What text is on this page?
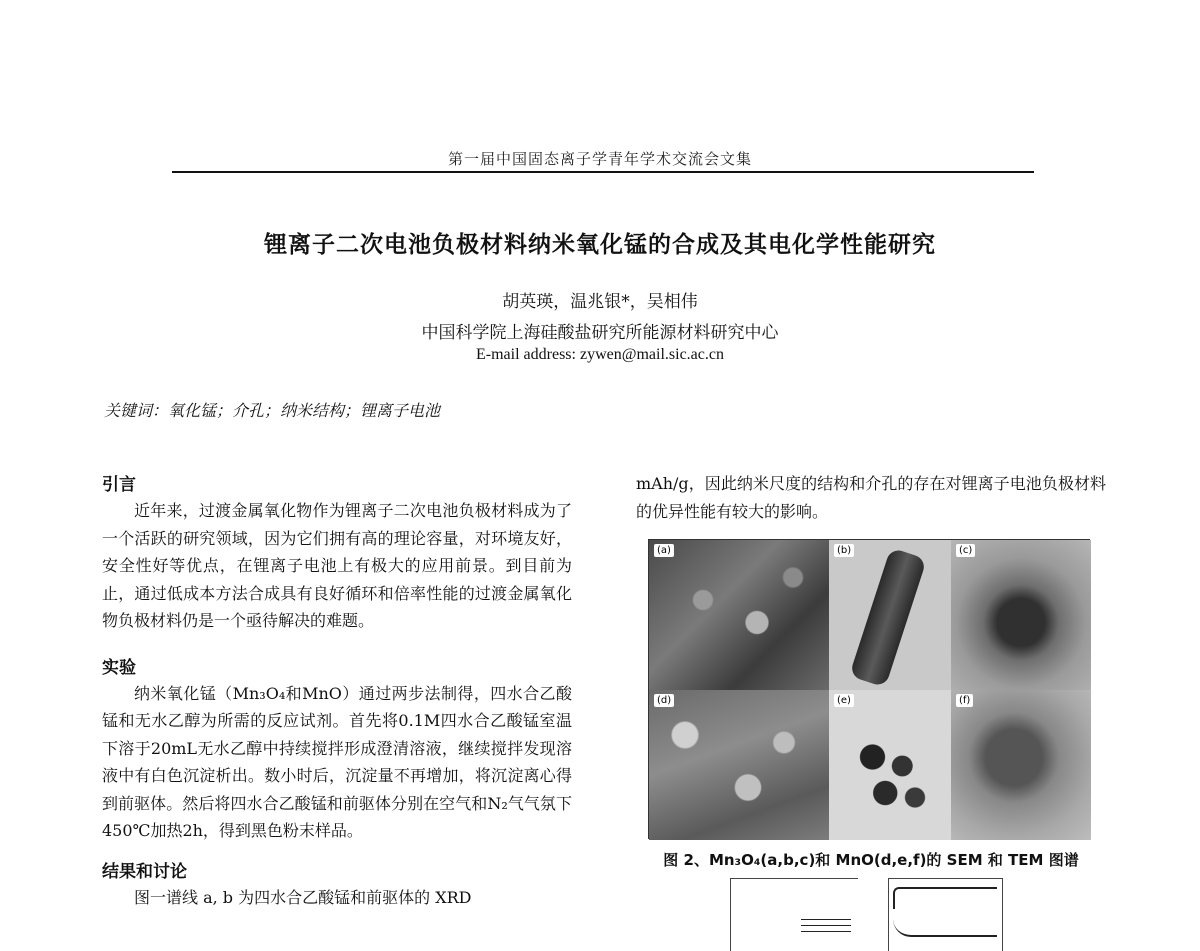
第一届中国固态离子学青年学术交流会文集
锂离子二次电池负极材料纳米氧化锰的合成及其电化学性能研究
胡英瑛，温兆银*，吴相伟
中国科学院上海硅酸盐研究所能源材料研究中心
E-mail address: zywen@mail.sic.ac.cn
关键词：氧化锰；介孔；纳米结构；锂离子电池
引言

近年来，过渡金属氧化物作为锂离子二次电池负极材料成为了一个活跃的研究领域，因为它们拥有高的理论容量，对环境友好，安全性好等优点，在锂离子电池上有极大的应用前景。到目前为止，通过低成本方法合成具有良好循环和倍率性能的过渡金属氧化物负极材料仍是一个亟待解决的难题。

实验

纳米氧化锰（Mn₃O₄和MnO）通过两步法制得，四水合乙酸锰和无水乙醇为所需的反应试剂。首先将0.1M四水合乙酸锰室温下溶于20mL无水乙醇中持续搅拌形成澄清溶液，继续搅拌发现溶液中有白色沉淀析出。数小时后，沉淀量不再增加，将沉淀离心得到前驱体。然后将四水合乙酸锰和前驱体分别在空气和N₂气气氛下450℃加热2h，得到黑色粉末样品。

结果和讨论

图一谱线 a, b 为四水合乙酸锰和前驱体的 XRD

mAh/g，因此纳米尺度的结构和介孔的存在对锂离子电池负极材料的优异性能有较大的影响。

(a)	(b)	(c)
(d)	(e)	(f)
图 2、Mn₃O₄(a,b,c)和 MnO(d,e,f)的 SEM 和 TEM 图谱
